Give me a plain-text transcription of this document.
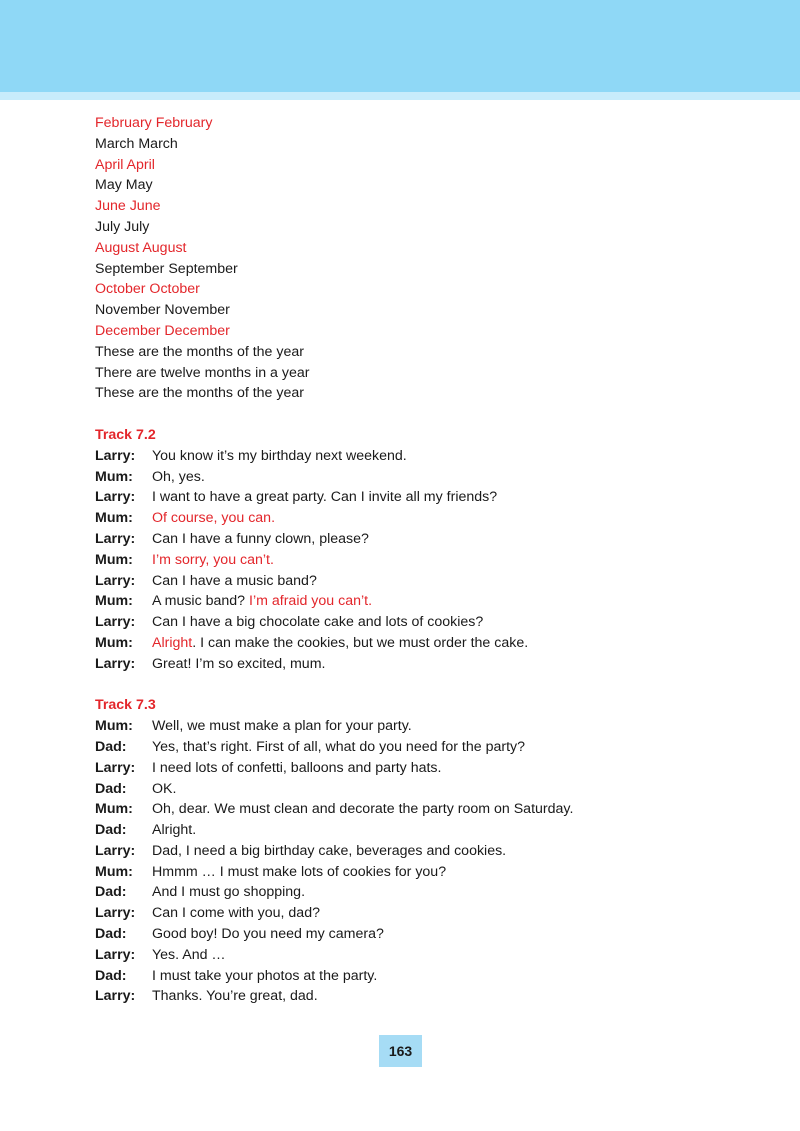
February February
March March
April April
May May
June June
July July
August August
September September
October October
November November
December December
These are the months of the year
There are twelve months in a year
These are the months of the year
Track 7.2
Larry:	You know it’s my birthday next weekend.
Mum:	Oh, yes.
Larry:	I want to have a great party. Can I invite all my friends?
Mum:	Of course, you can.
Larry:	Can I have a funny clown, please?
Mum:	I’m sorry, you can’t.
Larry:	Can I have a music band?
Mum:	A music band? I’m afraid you can’t.
Larry:	Can I have a big chocolate cake and lots of cookies?
Mum:	Alright. I can make the cookies, but we must order the cake.
Larry:	Great! I’m so excited, mum.
Track 7.3
Mum:	Well, we must make a plan for your party.
Dad:	Yes, that’s right. First of all, what do you need for the party?
Larry:	I need lots of confetti, balloons and party hats.
Dad:	OK.
Mum:	Oh, dear. We must clean and decorate the party room on Saturday.
Dad:	Alright.
Larry:	Dad, I need a big birthday cake, beverages and cookies.
Mum:	Hmmm … I must make lots of cookies for you?
Dad:	And I must go shopping.
Larry:	Can I come with you, dad?
Dad:	Good boy! Do you need my camera?
Larry:	Yes. And …
Dad:	I must take your photos at the party.
Larry:	Thanks. You’re great, dad.
163
